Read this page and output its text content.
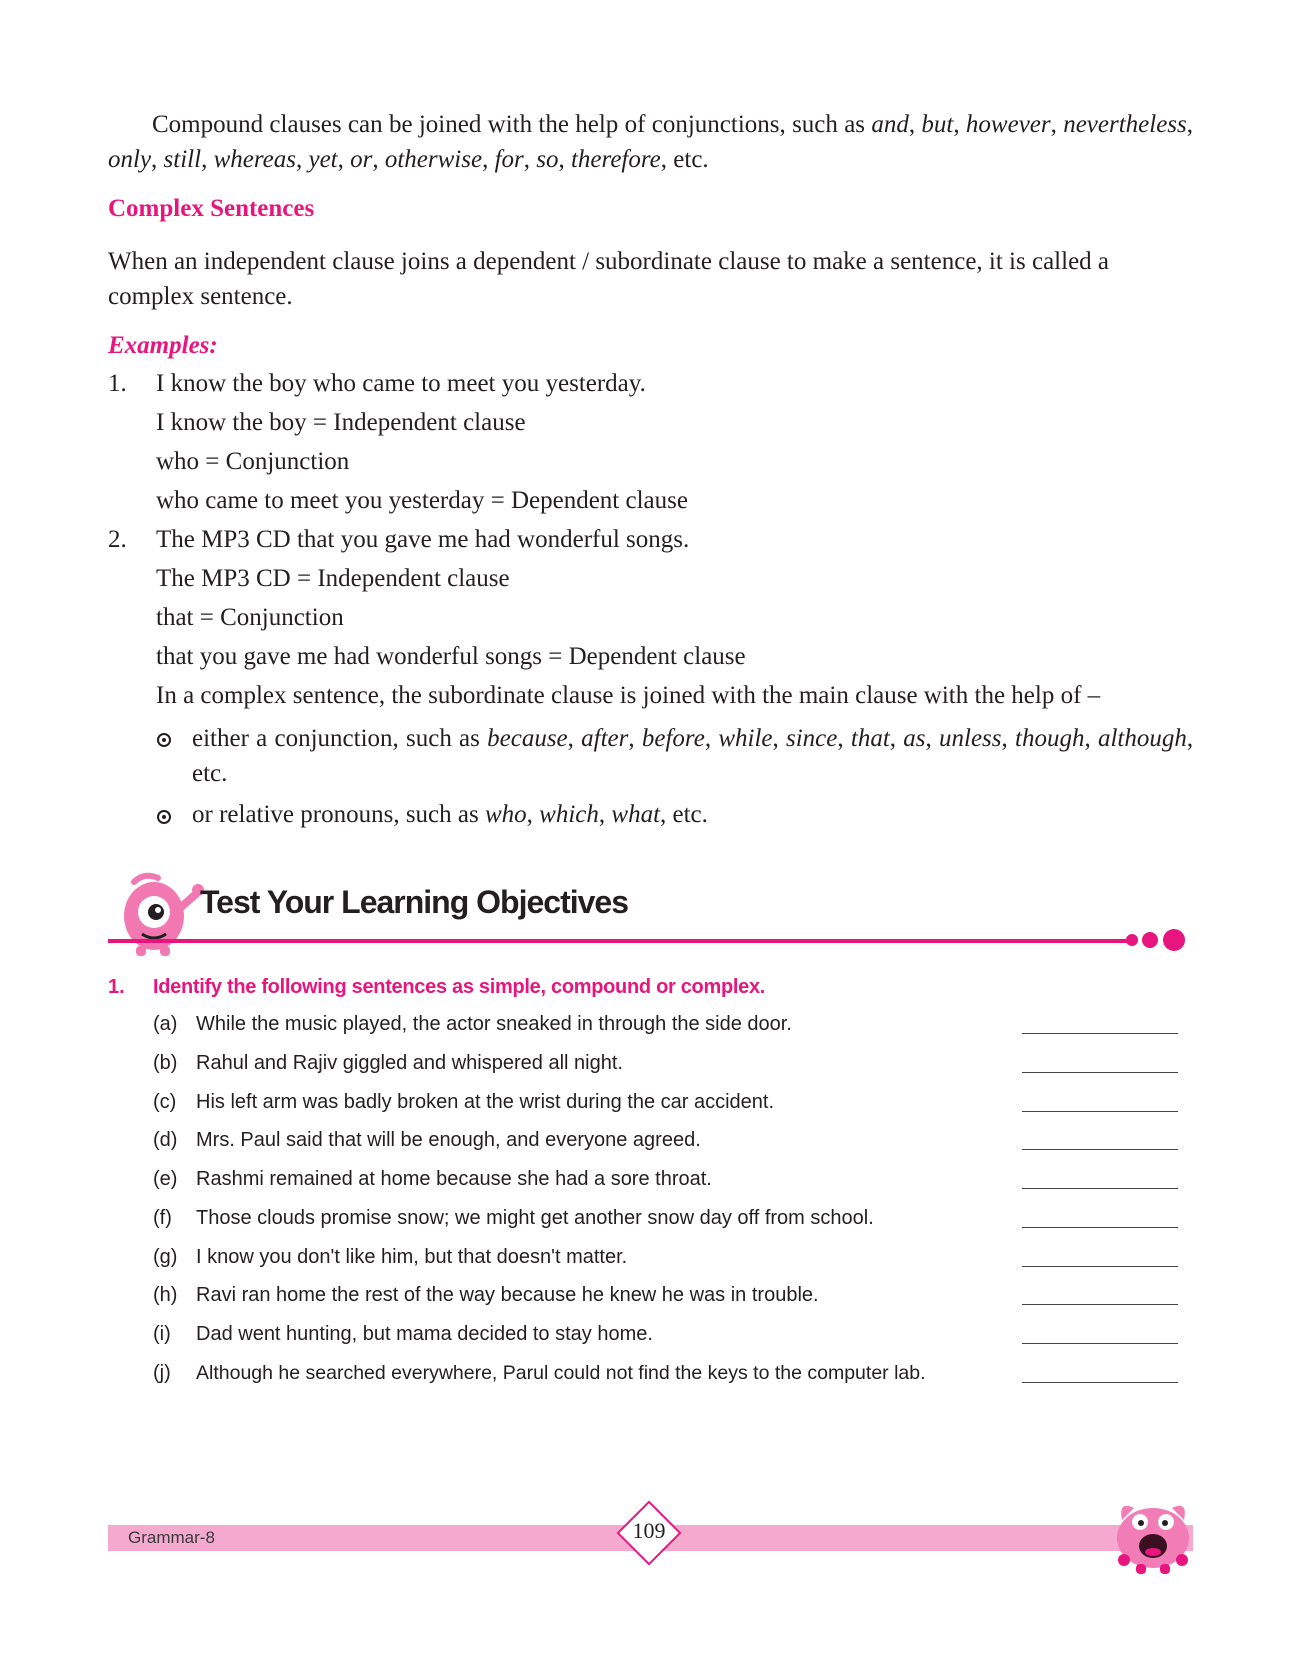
Compound clauses can be joined with the help of conjunctions, such as and, but, however, nevertheless, only, still, whereas, yet, or, otherwise, for, so, therefore, etc.
Complex Sentences
When an independent clause joins a dependent / subordinate clause to make a sentence, it is called a complex sentence.
Examples:
1. I know the boy who came to meet you yesterday.
I know the boy = Independent clause
who = Conjunction
who came to meet you yesterday = Dependent clause
2. The MP3 CD that you gave me had wonderful songs.
The MP3 CD = Independent clause
that = Conjunction
that you gave me had wonderful songs = Dependent clause
In a complex sentence, the subordinate clause is joined with the main clause with the help of –
either a conjunction, such as because, after, before, while, since, that, as, unless, though, although, etc.
or relative pronouns, such as who, which, what, etc.
Test Your Learning Objectives
1. Identify the following sentences as simple, compound or complex.
(a) While the music played, the actor sneaked in through the side door.
(b) Rahul and Rajiv giggled and whispered all night.
(c) His left arm was badly broken at the wrist during the car accident.
(d) Mrs. Paul said that will be enough, and everyone agreed.
(e) Rashmi remained at home because she had a sore throat.
(f) Those clouds promise snow; we might get another snow day off from school.
(g) I know you don't like him, but that doesn't matter.
(h) Ravi ran home the rest of the way because he knew he was in trouble.
(i) Dad went hunting, but mama decided to stay home.
(j) Although he searched everywhere, Parul could not find the keys to the computer lab.
Grammar-8	109
